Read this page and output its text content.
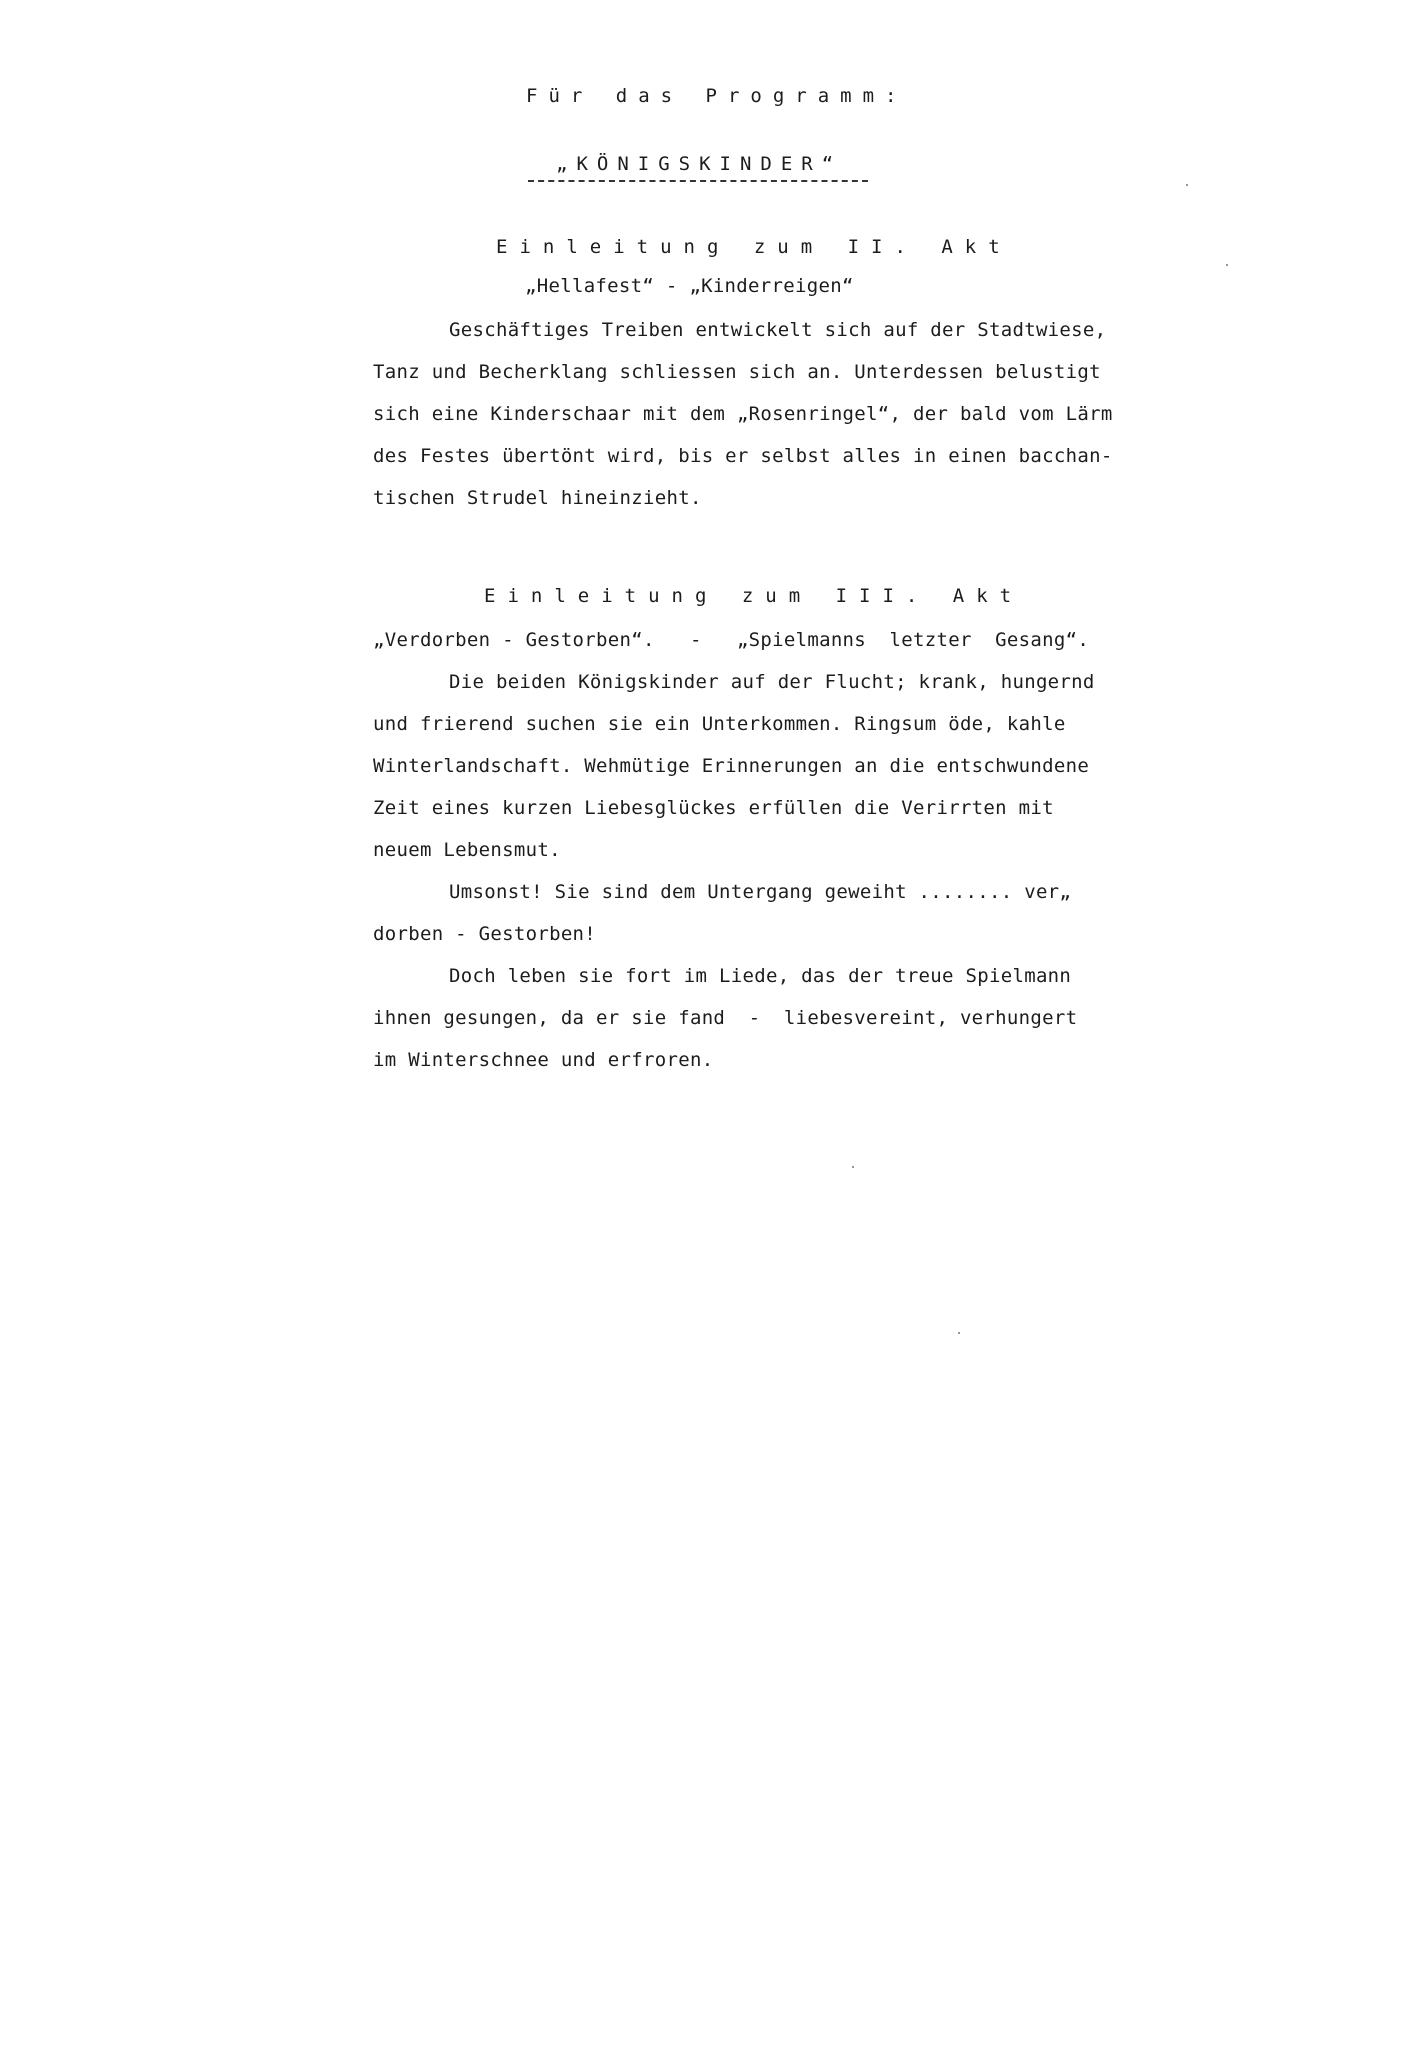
Für das Programm:
„KÖNIGSKINDER“
Einleitung zum II. Akt
„Hellafest“ - „Kinderreigen“
Geschäftiges Treiben entwickelt sich auf der Stadtwiese,
Tanz und Becherklang schliessen sich an. Unterdessen belustigt
sich eine Kinderschaar mit dem „Rosenringel“, der bald vom Lärm
des Festes übertönt wird, bis er selbst alles in einen bacchan-
tischen Strudel hineinzieht.
Einleitung zum III. Akt
„Verdorben - Gestorben“.   -   „Spielmanns  letzter  Gesang“.
Die beiden Königskinder auf der Flucht; krank, hungernd
und frierend suchen sie ein Unterkommen. Ringsum öde, kahle
Winterlandschaft. Wehmütige Erinnerungen an die entschwundene
Zeit eines kurzen Liebesglückes erfüllen die Verirrten mit
neuem Lebensmut.
Umsonst! Sie sind dem Untergang geweiht ........ ver„
dorben - Gestorben!
Doch leben sie fort im Liede, das der treue Spielmann
ihnen gesungen, da er sie fand  -  liebesvereint, verhungert
im Winterschnee und erfroren.
